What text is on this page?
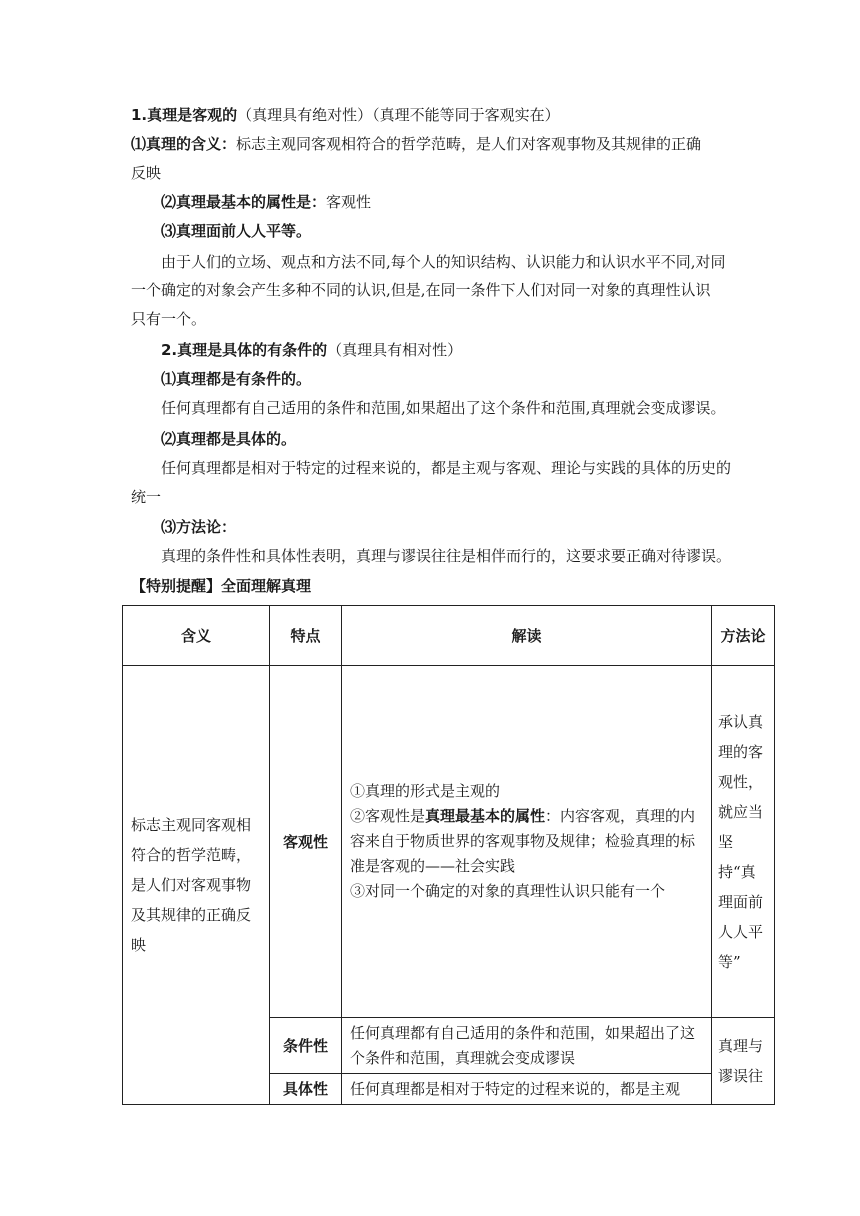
1.真理是客观的（真理具有绝对性）（真理不能等同于客观实在）
⑴真理的含义：标志主观同客观相符合的哲学范畴，是人们对客观事物及其规律的正确
反映
⑵真理最基本的属性是：客观性
⑶真理面前人人平等。
由于人们的立场、观点和方法不同,每个人的知识结构、认识能力和认识水平不同,对同
一个确定的对象会产生多种不同的认识,但是,在同一条件下人们对同一对象的真理性认识
只有一个。
2.真理是具体的有条件的（真理具有相对性）
⑴真理都是有条件的。
任何真理都有自己适用的条件和范围,如果超出了这个条件和范围,真理就会变成谬误。
⑵真理都是具体的。
任何真理都是相对于特定的过程来说的，都是主观与客观、理论与实践的具体的历史的
统一
⑶方法论：
真理的条件性和具体性表明，真理与谬误往往是相伴而行的，这要求要正确对待谬误。
【特别提醒】全面理解真理
含义	特点	解读	方法论
标志主观同客观相符合的哲学范畴，是人们对客观事物及其规律的正确反映	客观性	①真理的形式是主观的
②客观性是真理最基本的属性：内容客观，真理的内容来自于物质世界的客观事物及规律；检验真理的标准是客观的——社会实践
③对同一个确定的对象的真理性认识只能有一个	承认真理的客观性，就应当坚持“真理面前人人平等”
	条件性	任何真理都有自己适用的条件和范围，如果超出了这个条件和范围，真理就会变成谬误	真理与谬误往
	具体性	任何真理都是相对于特定的过程来说的，都是主观	
